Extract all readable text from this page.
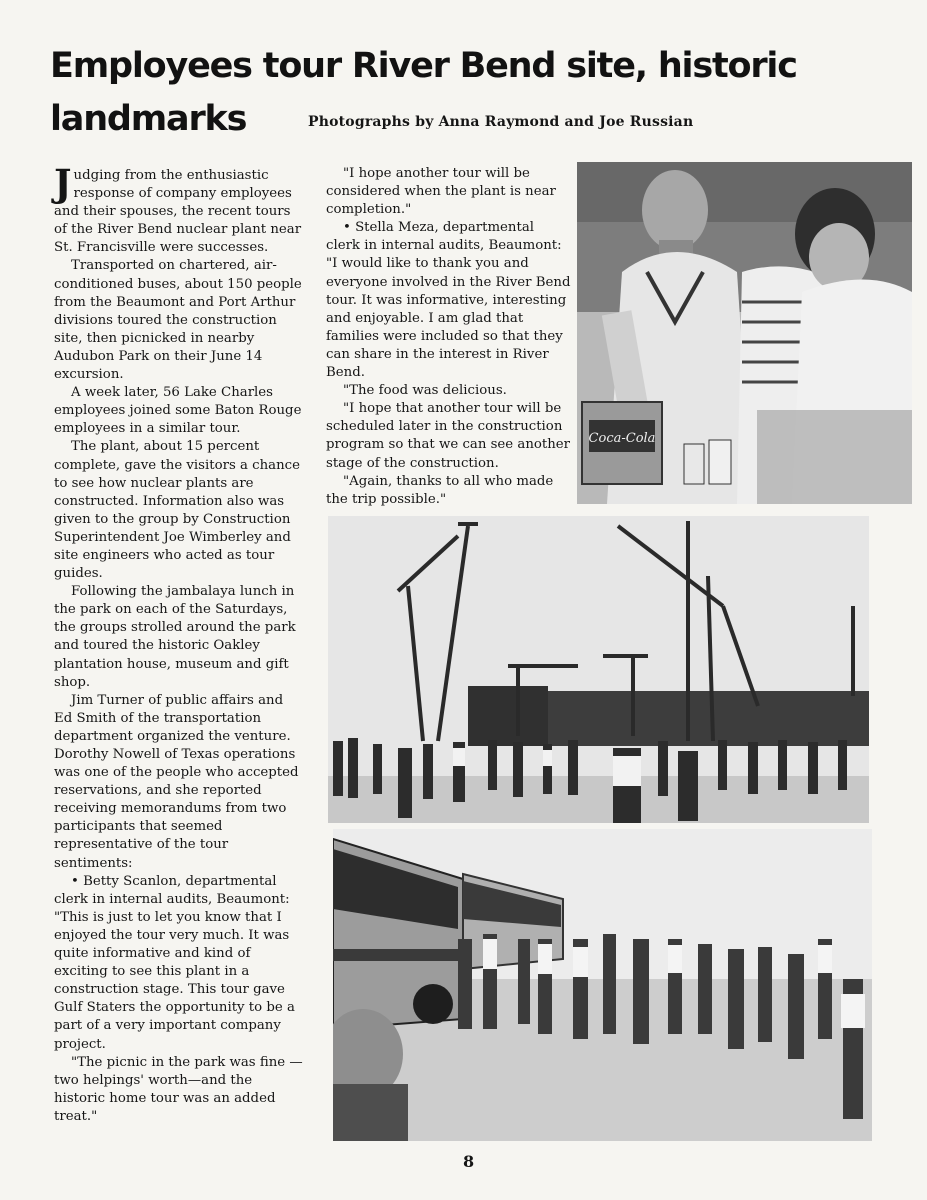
Employees tour River Bend site, historic landmarks	Photographs by Anna Raymond and Joe Russian

Judging from the enthusiastic response of company employees and their spouses, the recent tours of the River Bend nuclear plant near St. Francisville were successes.

Transported on chartered, air-conditioned buses, about 150 people from the Beaumont and Port Arthur divisions toured the construction site, then picnicked in nearby Audubon Park on their June 14 excursion.

A week later, 56 Lake Charles employees joined some Baton Rouge employees in a similar tour.

The plant, about 15 percent complete, gave the visitors a chance to see how nuclear plants are constructed. Information also was given to the group by Construction Superintendent Joe Wimberley and site engineers who acted as tour guides.

Following the jambalaya lunch in the park on each of the Saturdays, the groups strolled around the park and toured the historic Oakley plantation house, museum and gift shop.

Jim Turner of public affairs and Ed Smith of the transportation department organized the venture. Dorothy Nowell of Texas operations was one of the people who accepted reservations, and she reported receiving memorandums from two participants that seemed representative of the tour sentiments:

• Betty Scanlon, departmental clerk in internal audits, Beaumont: "This is just to let you know that I enjoyed the tour very much. It was quite informative and kind of exciting to see this plant in a construction stage. This tour gave Gulf Staters the opportunity to be a part of a very important company project.

"The picnic in the park was fine —two helpings' worth—and the historic home tour was an added treat."

"I hope another tour will be considered when the plant is near completion."

• Stella Meza, departmental clerk in internal audits, Beaumont: "I would like to thank you and everyone involved in the River Bend tour. It was informative, interesting and enjoyable. I am glad that families were included so that they can share in the interest in River Bend.

"The food was delicious.

"I hope that another tour will be scheduled later in the construction program so that we can see another stage of the construction.

"Again, thanks to all who made the trip possible."

Coca-Cola
8
